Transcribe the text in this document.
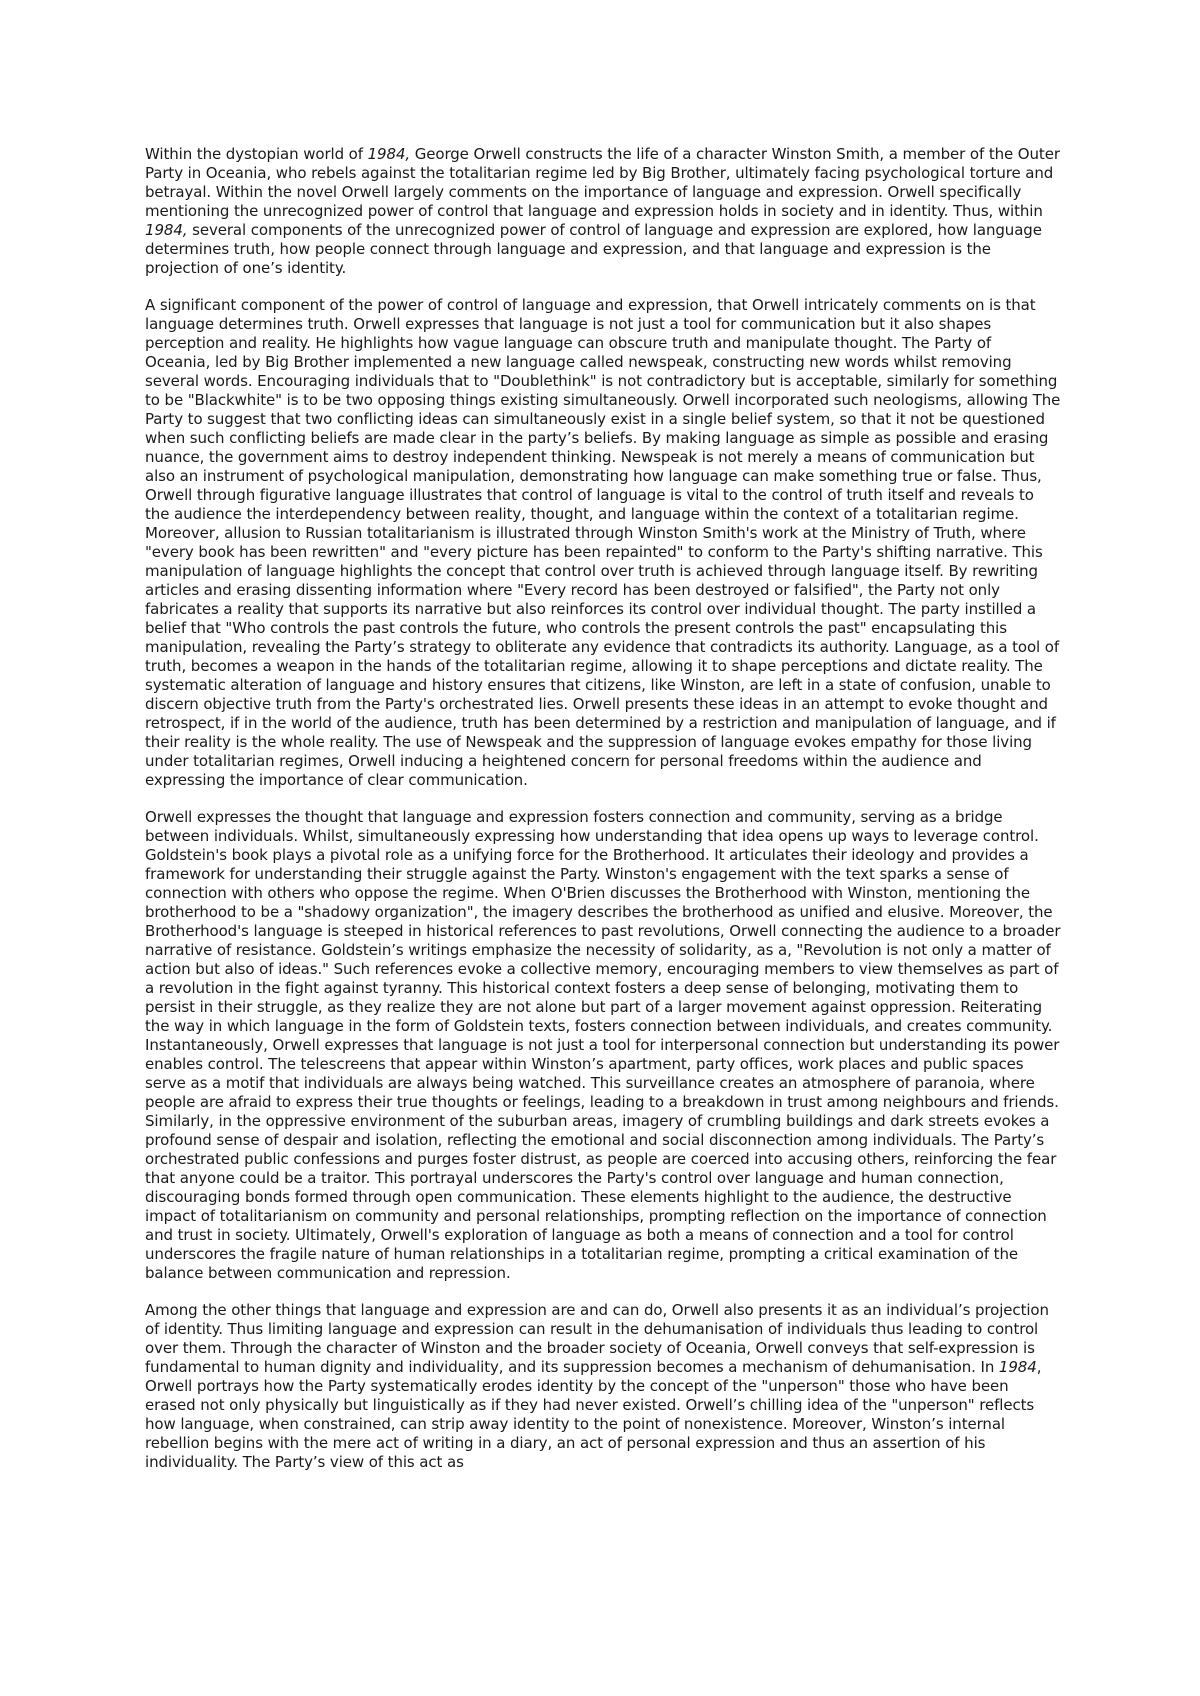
Within the dystopian world of 1984, George Orwell constructs the life of a character Winston Smith, a member of the Outer Party in Oceania, who rebels against the totalitarian regime led by Big Brother, ultimately facing psychological torture and betrayal. Within the novel Orwell largely comments on the importance of language and expression. Orwell specifically mentioning the unrecognized power of control that language and expression holds in society and in identity. Thus, within 1984, several components of the unrecognized power of control of language and expression are explored, how language determines truth, how people connect through language and expression, and that language and expression is the projection of one’s identity.

A significant component of the power of control of language and expression, that Orwell intricately comments on is that language determines truth. Orwell expresses that language is not just a tool for communication but it also shapes perception and reality. He highlights how vague language can obscure truth and manipulate thought. The Party of Oceania, led by Big Brother implemented a new language called newspeak, constructing new words whilst removing several words. Encouraging individuals that to "Doublethink" is not contradictory but is acceptable, similarly for something to be "Blackwhite" is to be two opposing things existing simultaneously. Orwell incorporated such neologisms, allowing The Party to suggest that two conflicting ideas can simultaneously exist in a single belief system, so that it not be questioned when such conflicting beliefs are made clear in the party’s beliefs. By making language as simple as possible and erasing nuance, the government aims to destroy independent thinking. Newspeak is not merely a means of communication but also an instrument of psychological manipulation, demonstrating how language can make something true or false. Thus, Orwell through figurative language illustrates that control of language is vital to the control of truth itself and reveals to the audience the interdependency between reality, thought, and language within the context of a totalitarian regime. Moreover, allusion to Russian totalitarianism is illustrated through Winston Smith's work at the Ministry of Truth, where "every book has been rewritten" and "every picture has been repainted" to conform to the Party's shifting narrative. This manipulation of language highlights the concept that control over truth is achieved through language itself. By rewriting articles and erasing dissenting information where "Every record has been destroyed or falsified", the Party not only fabricates a reality that supports its narrative but also reinforces its control over individual thought. The party instilled a belief that "Who controls the past controls the future, who controls the present controls the past" encapsulating this manipulation, revealing the Party’s strategy to obliterate any evidence that contradicts its authority. Language, as a tool of truth, becomes a weapon in the hands of the totalitarian regime, allowing it to shape perceptions and dictate reality. The systematic alteration of language and history ensures that citizens, like Winston, are left in a state of confusion, unable to discern objective truth from the Party's orchestrated lies. Orwell presents these ideas in an attempt to evoke thought and retrospect, if in the world of the audience, truth has been determined by a restriction and manipulation of language, and if their reality is the whole reality. The use of Newspeak and the suppression of language evokes empathy for those living under totalitarian regimes, Orwell inducing a heightened concern for personal freedoms within the audience and expressing the importance of clear communication.

Orwell expresses the thought that language and expression fosters connection and community, serving as a bridge between individuals. Whilst, simultaneously expressing how understanding that idea opens up ways to leverage control. Goldstein's book plays a pivotal role as a unifying force for the Brotherhood. It articulates their ideology and provides a framework for understanding their struggle against the Party. Winston's engagement with the text sparks a sense of connection with others who oppose the regime. When O'Brien discusses the Brotherhood with Winston, mentioning the brotherhood to be a "shadowy organization", the imagery describes the brotherhood as unified and elusive. Moreover, the Brotherhood's language is steeped in historical references to past revolutions, Orwell connecting the audience to a broader narrative of resistance. Goldstein’s writings emphasize the necessity of solidarity, as a, "Revolution is not only a matter of action but also of ideas." Such references evoke a collective memory, encouraging members to view themselves as part of a revolution in the fight against tyranny. This historical context fosters a deep sense of belonging, motivating them to persist in their struggle, as they realize they are not alone but part of a larger movement against oppression. Reiterating the way in which language in the form of Goldstein texts, fosters connection between individuals, and creates community. Instantaneously, Orwell expresses that language is not just a tool for interpersonal connection but understanding its power enables control. The telescreens that appear within Winston’s apartment, party offices, work places and public spaces serve as a motif that individuals are always being watched. This surveillance creates an atmosphere of paranoia, where people are afraid to express their true thoughts or feelings, leading to a breakdown in trust among neighbours and friends. Similarly, in the oppressive environment of the suburban areas, imagery of crumbling buildings and dark streets evokes a profound sense of despair and isolation, reflecting the emotional and social disconnection among individuals. The Party’s orchestrated public confessions and purges foster distrust, as people are coerced into accusing others, reinforcing the fear that anyone could be a traitor. This portrayal underscores the Party's control over language and human connection, discouraging bonds formed through open communication. These elements highlight to the audience, the destructive impact of totalitarianism on community and personal relationships, prompting reflection on the importance of connection and trust in society. Ultimately, Orwell's exploration of language as both a means of connection and a tool for control underscores the fragile nature of human relationships in a totalitarian regime, prompting a critical examination of the balance between communication and repression.

Among the other things that language and expression are and can do, Orwell also presents it as an individual’s projection of identity. Thus limiting language and expression can result in the dehumanisation of individuals thus leading to control over them. Through the character of Winston and the broader society of Oceania, Orwell conveys that self-expression is fundamental to human dignity and individuality, and its suppression becomes a mechanism of dehumanisation. In 1984, Orwell portrays how the Party systematically erodes identity by the concept of the "unperson" those who have been erased not only physically but linguistically as if they had never existed. Orwell’s chilling idea of the "unperson" reflects how language, when constrained, can strip away identity to the point of nonexistence. Moreover, Winston’s internal rebellion begins with the mere act of writing in a diary, an act of personal expression and thus an assertion of his individuality. The Party’s view of this act as
